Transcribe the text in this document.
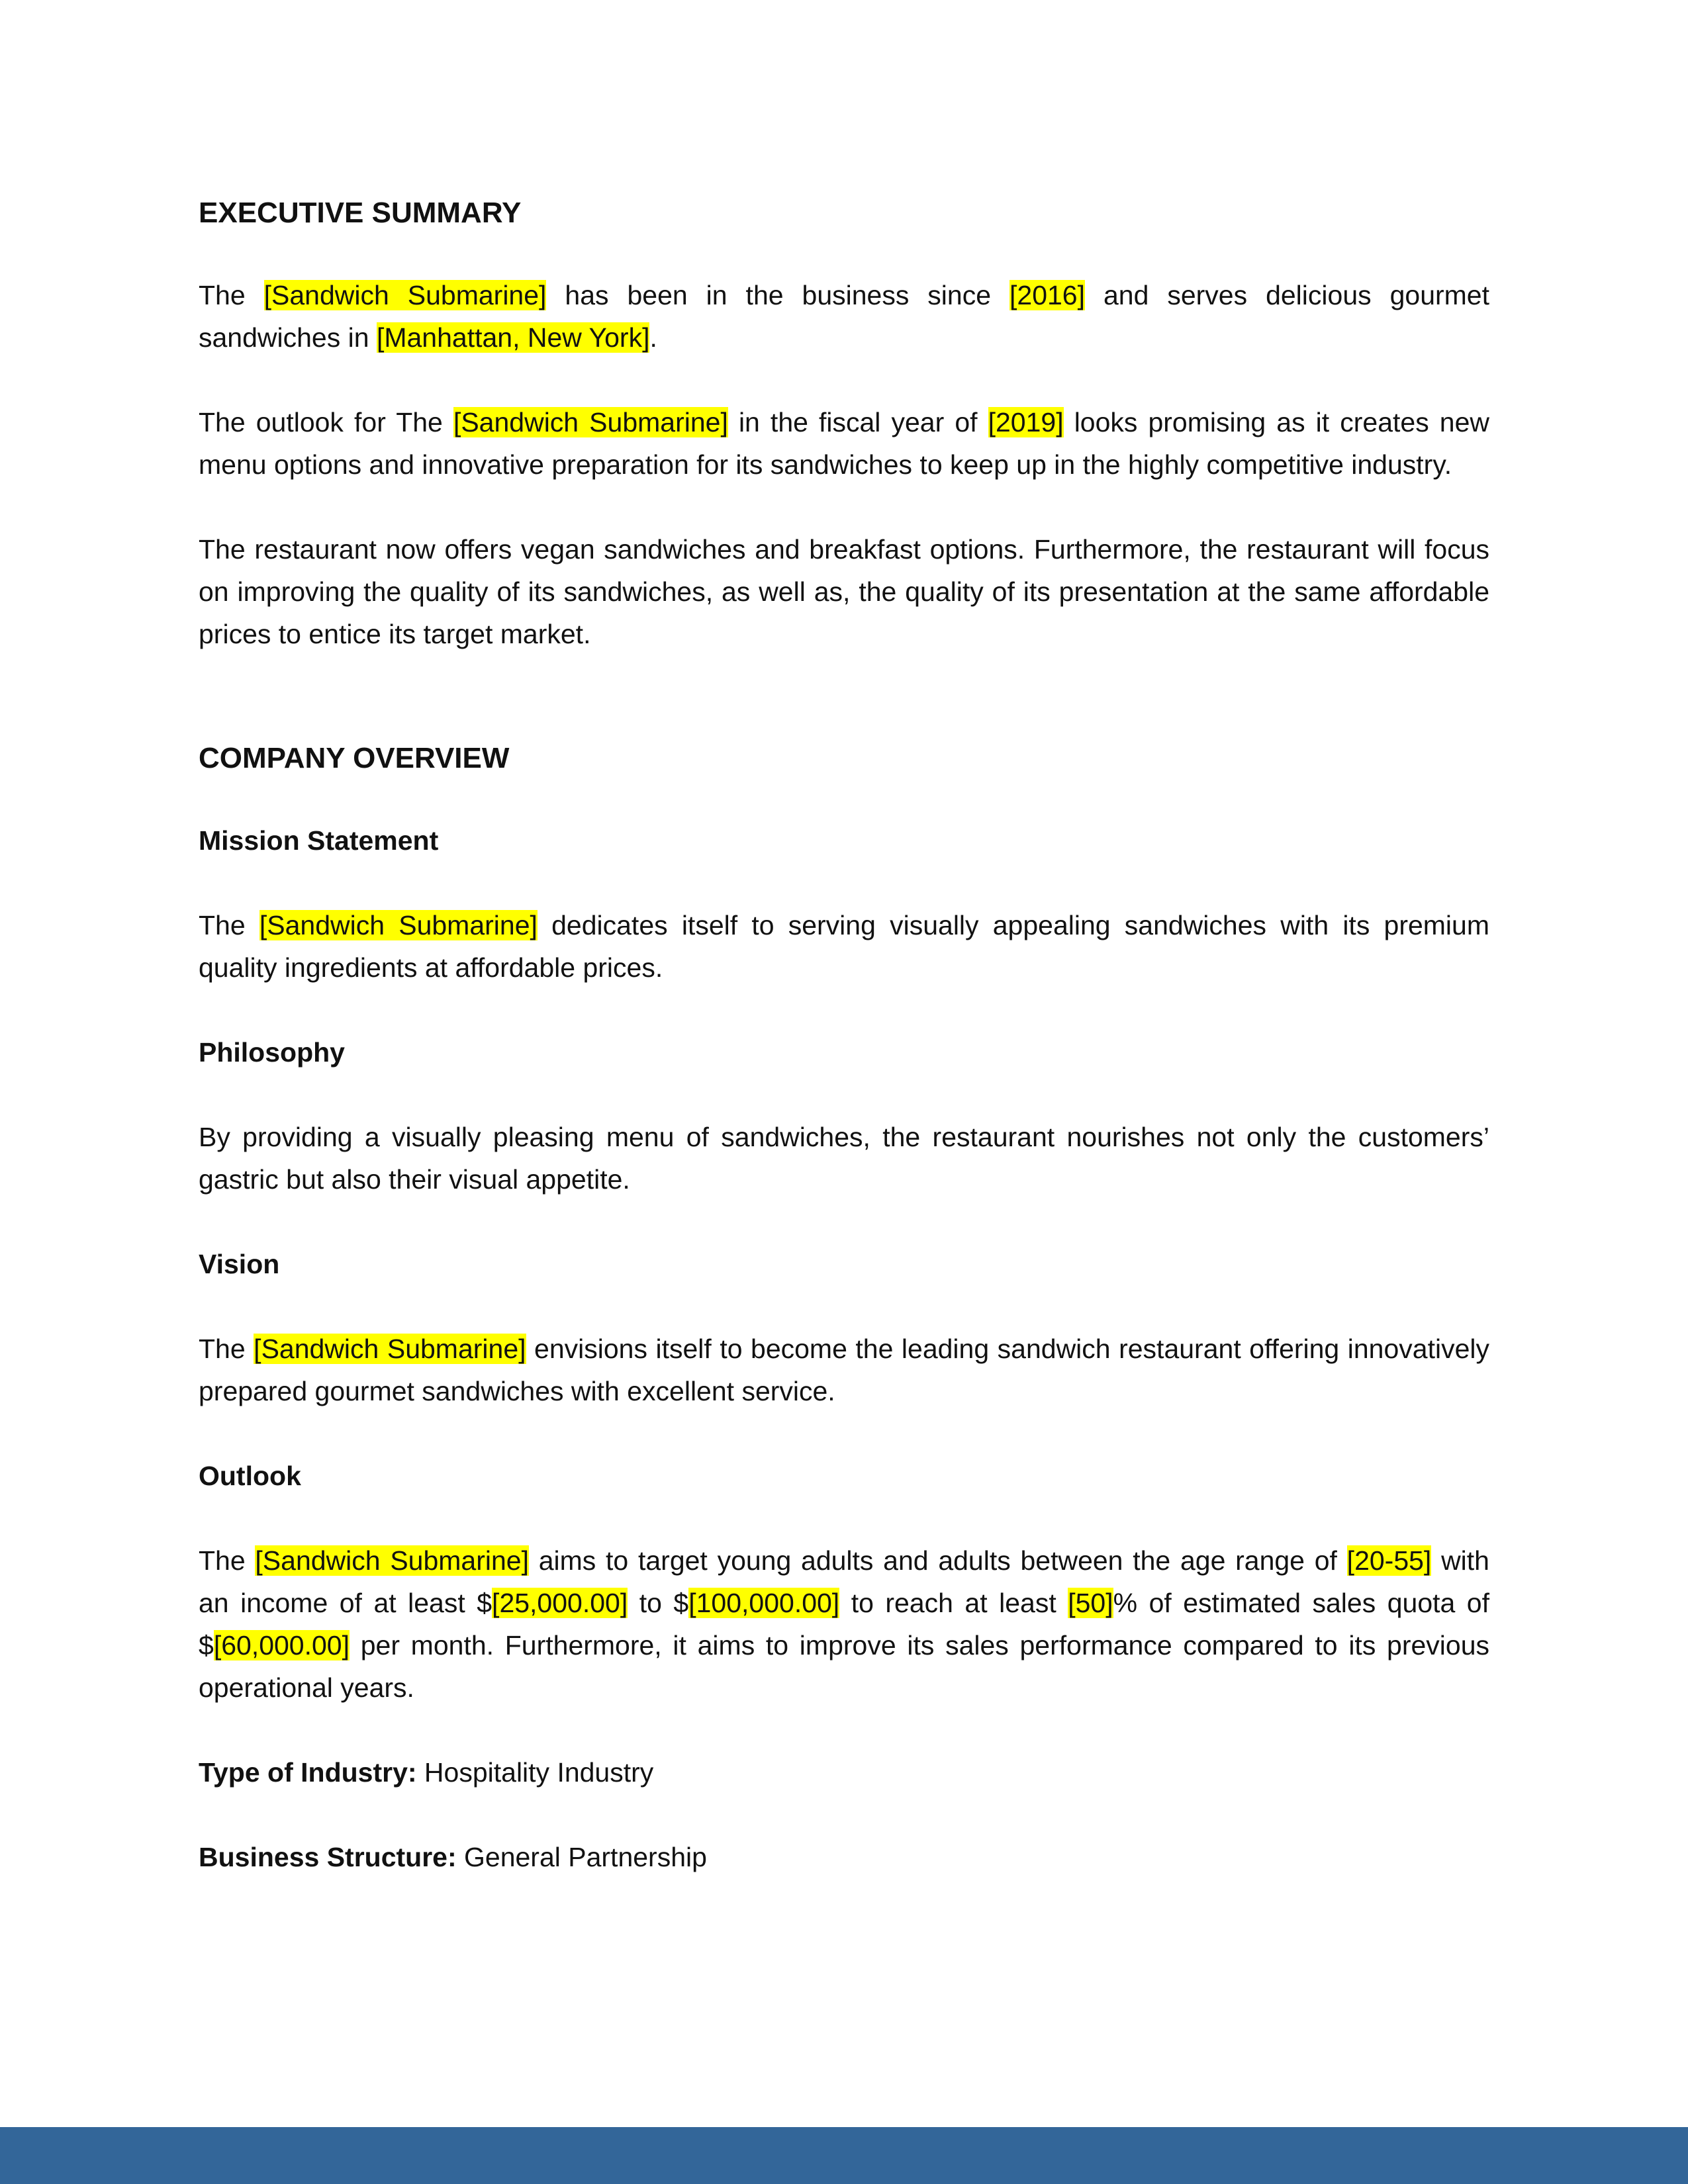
EXECUTIVE SUMMARY

The [Sandwich Submarine] has been in the business since [2016] and serves delicious gourmet sandwiches in [Manhattan, New York].

The outlook for The [Sandwich Submarine] in the fiscal year of [2019] looks promising as it creates new menu options and innovative preparation for its sandwiches to keep up in the highly competitive industry.

The restaurant now offers vegan sandwiches and breakfast options. Furthermore, the restaurant will focus on improving the quality of its sandwiches, as well as, the quality of its presentation at the same affordable prices to entice its target market.

COMPANY OVERVIEW
Mission Statement

The [Sandwich Submarine] dedicates itself to serving visually appealing sandwiches with its premium quality ingredients at affordable prices.

Philosophy

By providing a visually pleasing menu of sandwiches, the restaurant nourishes not only the customers’ gastric but also their visual appetite.

Vision

The [Sandwich Submarine] envisions itself to become the leading sandwich restaurant offering innovatively prepared gourmet sandwiches with excellent service.

Outlook

The [Sandwich Submarine] aims to target young adults and adults between the age range of [20-55] with an income of at least $[25,000.00] to $[100,000.00] to reach at least [50]% of estimated sales quota of $[60,000.00] per month. Furthermore, it aims to improve its sales performance compared to its previous operational years.

Type of Industry: Hospitality Industry

Business Structure: General Partnership
